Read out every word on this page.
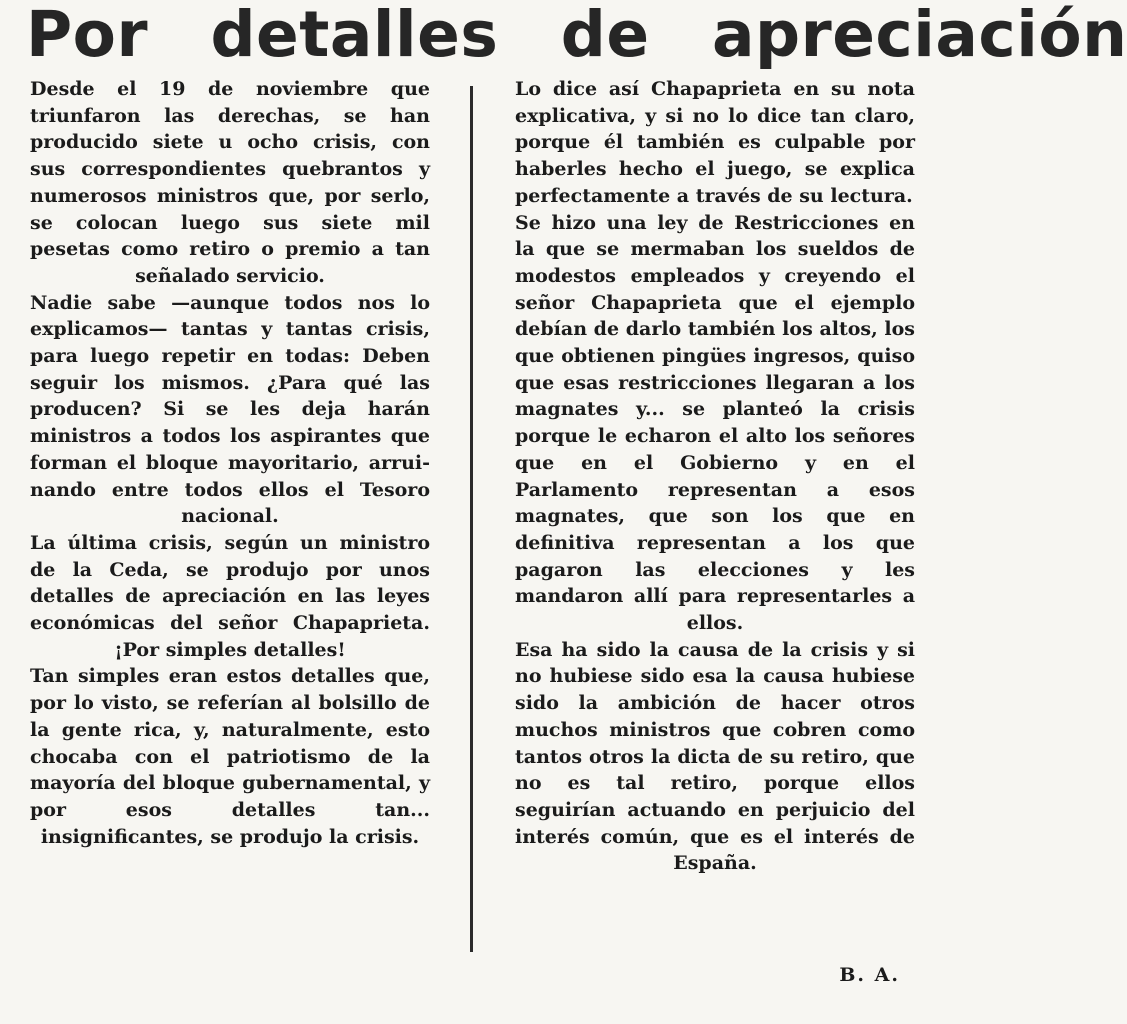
Por detalles de apreciación

Desde el 19 de noviembre que triunfaron las derechas, se han producido siete u ocho crisis, con sus correspondientes quebrantos y numerosos ministros que, por serlo, se colocan luego sus siete mil pesetas como retiro o premio a tan señalado servicio.

Nadie sabe —aunque todos nos lo explicamos— tantas y tantas crisis, para luego repetir en todas: Deben seguir los mismos. ¿Para qué las producen? Si se les deja harán ministros a todos los aspirantes que forman el bloque mayoritario, arruinando entre todos ellos el Tesoro nacional.

La última crisis, según un ministro de la Ceda, se produjo por unos detalles de apreciación en las leyes económicas del señor Chapaprieta. ¡Por simples detalles!

Tan simples eran estos detalles que, por lo visto, se referían al bolsillo de la gente rica, y, naturalmente, esto chocaba con el patriotismo de la mayoría del bloque gubernamental, y por esos detalles tan... insignificantes, se produjo la crisis.

Lo dice así Chapaprieta en su nota explicativa, y si no lo dice tan claro, porque él también es culpable por haberles hecho el juego, se explica perfectamente a través de su lectura.

Se hizo una ley de Restricciones en la que se mermaban los sueldos de modestos empleados y creyendo el señor Chapaprieta que el ejemplo debían de darlo también los altos, los que obtienen pingües ingresos, quiso que esas restricciones llegaran a los magnates y... se planteó la crisis porque le echaron el alto los señores que en el Gobierno y en el Parlamento representan a esos magnates, que son los que en definitiva representan a los que pagaron las elecciones y les mandaron allí para representarles a ellos.

Esa ha sido la causa de la crisis y si no hubiese sido esa la causa hubiese sido la ambición de hacer otros muchos ministros que cobren como tantos otros la dicta de su retiro, que no es tal retiro, porque ellos seguirían actuando en perjuicio del interés común, que es el interés de España.

B. A.
